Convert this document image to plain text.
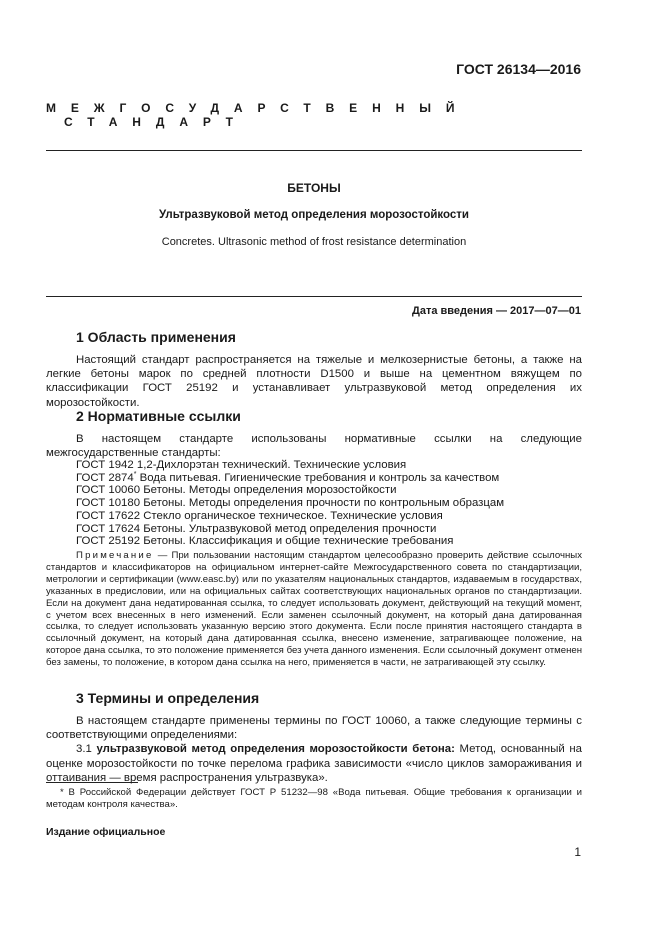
ГОСТ 26134—2016
МЕЖГОСУДАРСТВЕННЫЙСТАНДАРТ
БЕТОНЫ
Ультразвуковой метод определения морозостойкости
Concretes. Ultrasonic method of frost resistance determination
Дата введения — 2017—07—01
1 Область применения

Настоящий стандарт распространяется на тяжелые и мелкозернистые бетоны, а также на легкие бетоны марок по средней плотности D1500 и выше на цементном вяжущем по классификации ГОСТ 25192 и устанавливает ультразвуковой метод определения их морозостойкости.

2 Нормативные ссылки

В настоящем стандарте использованы нормативные ссылки на следующие межгосударственные стандарты:

ГОСТ 1942 1,2-Дихлорэтан технический. Технические условия
ГОСТ 2874* Вода питьевая. Гигиенические требования и контроль за качеством
ГОСТ 10060 Бетоны. Методы определения морозостойкости
ГОСТ 10180 Бетоны. Методы определения прочности по контрольным образцам
ГОСТ 17622 Стекло органическое техническое. Технические условия
ГОСТ 17624 Бетоны. Ультразвуковой метод определения прочности
ГОСТ 25192 Бетоны. Классификация и общие технические требования
Примечание — При пользовании настоящим стандартом целесообразно проверить действие ссылочных стандартов и классификаторов на официальном интернет-сайте Межгосударственного совета по стандартизации, метрологии и сертификации (www.easc.by) или по указателям национальных стандартов, издаваемым в государствах, указанных в предисловии, или на официальных сайтах соответствующих национальных органов по стандартизации. Если на документ дана недатированная ссылка, то следует использовать документ, действующий на текущий момент, с учетом всех внесенных в него изменений. Если заменен ссылочный документ, на который дана датированная ссылка, то следует использовать указанную версию этого документа. Если после принятия настоящего стандарта в ссылочный документ, на который дана датированная ссылка, внесено изменение, затрагивающее положение, на которое дана ссылка, то это положение применяется без учета данного изменения. Если ссылочный документ отменен без замены, то положение, в котором дана ссылка на него, применяется в части, не затрагивающей эту ссылку.
3 Термины и определения

В настоящем стандарте применены термины по ГОСТ 10060, а также следующие термины с соответствующими определениями:

3.1 ультразвуковой метод определения морозостойкости бетона: Метод, основанный на оценке морозостойкости по точке перелома графика зависимости «число циклов замораживания и оттаивания — время распространения ультразвука».

* В Российской Федерации действует ГОСТ Р 51232—98 «Вода питьевая. Общие требования к организации и методам контроля качества».
Издание официальное
1
